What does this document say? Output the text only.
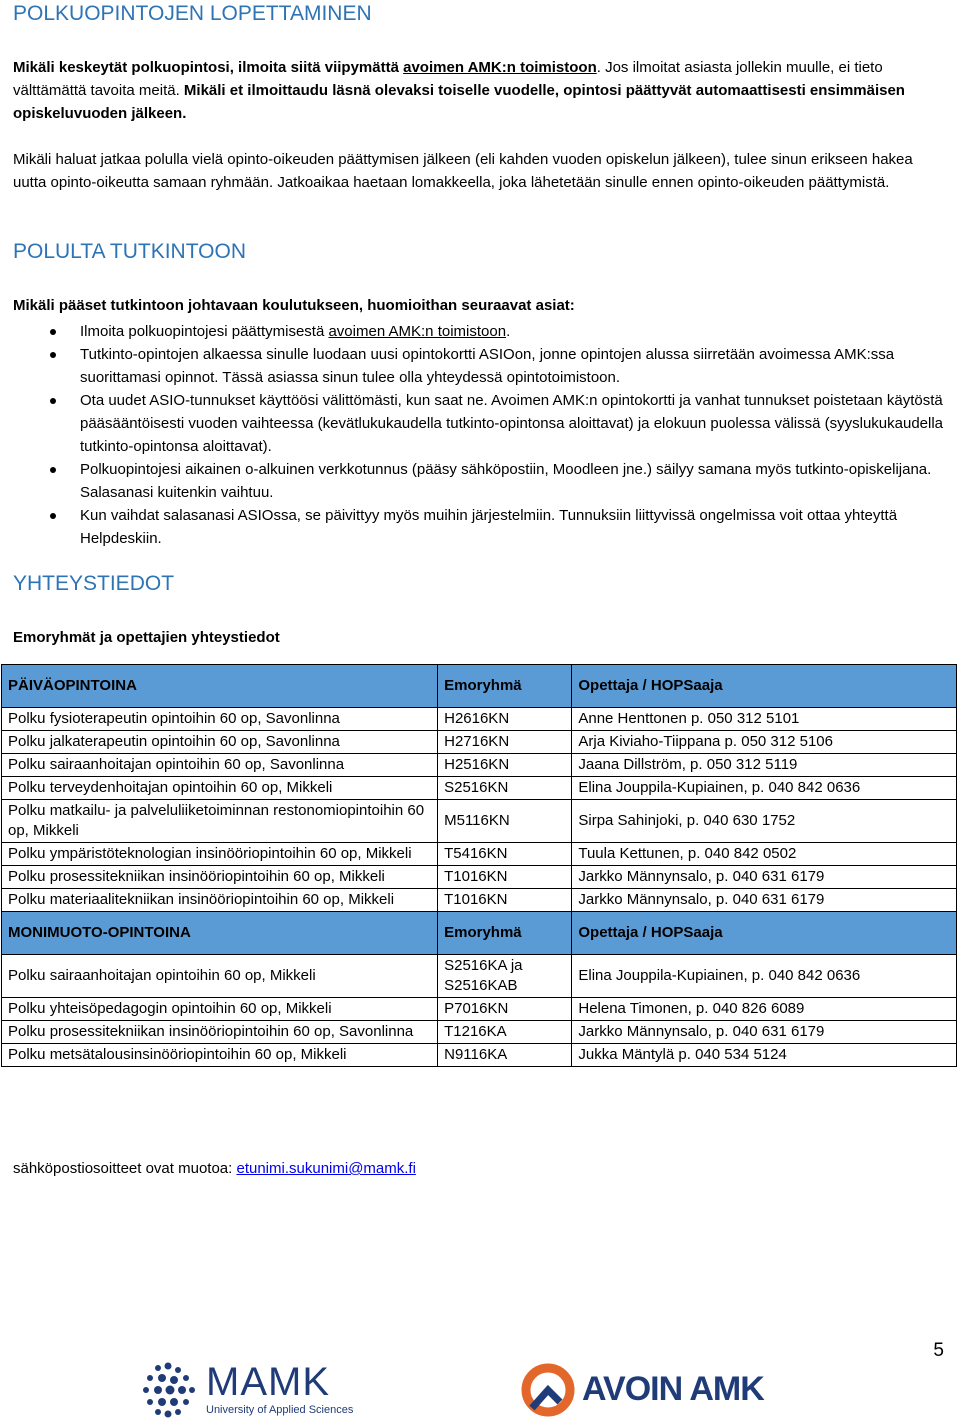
POLKUOPINTOJEN LOPETTAMINEN

Mikäli keskeytät polkuopintosi, ilmoita siitä viipymättä avoimen AMK:n toimistoon. Jos ilmoitat asiasta jollekin muulle, ei tieto välttämättä tavoita meitä. Mikäli et ilmoittaudu läsnä olevaksi toiselle vuodelle, opintosi päättyvät automaattisesti ensimmäisen opiskeluvuoden jälkeen.

Mikäli haluat jatkaa polulla vielä opinto-oikeuden päättymisen jälkeen (eli kahden vuoden opiskelun jälkeen), tulee sinun erikseen hakea uutta opinto-oikeutta samaan ryhmään. Jatkoaikaa haetaan lomakkeella, joka lähetetään sinulle ennen opinto-oikeuden päättymistä.

POLULTA TUTKINTOON

Mikäli pääset tutkintoon johtavaan koulutukseen, huomioithan seuraavat asiat:

Ilmoita polkuopintojesi päättymisestä avoimen AMK:n toimistoon.
Tutkinto-opintojen alkaessa sinulle luodaan uusi opintokortti ASIOon, jonne opintojen alussa siirretään avoimessa AMK:ssa suorittamasi opinnot. Tässä asiassa sinun tulee olla yhteydessä opintotoimistoon.
Ota uudet ASIO-tunnukset käyttöösi välittömästi, kun saat ne. Avoimen AMK:n opintokortti ja vanhat tunnukset poistetaan käytöstä pääsääntöisesti vuoden vaihteessa (kevätlukukaudella tutkinto-opintonsa aloittavat) ja elokuun puolessa välissä (syyslukukaudella tutkinto-opintonsa aloittavat).
Polkuopintojesi aikainen o-alkuinen verkkotunnus (pääsy sähköpostiin, Moodleen jne.) säilyy samana myös tutkinto-opiskelijana. Salasanasi kuitenkin vaihtuu.
Kun vaihdat salasanasi ASIOssa, se päivittyy myös muihin järjestelmiin. Tunnuksiin liittyvissä ongelmissa voit ottaa yhteyttä Helpdeskiin.
YHTEYSTIEDOT

Emoryhmät ja opettajien yhteystiedot

PÄIVÄOPINTOINA	Emoryhmä	Opettaja / HOPSaaja
Polku fysioterapeutin opintoihin 60 op, Savonlinna	H2616KN	Anne Henttonen p. 050 312 5101
Polku jalkaterapeutin opintoihin 60 op, Savonlinna	H2716KN	Arja Kiviaho-Tiippana p. 050 312 5106
Polku sairaanhoitajan opintoihin 60 op, Savonlinna	H2516KN	Jaana Dillström, p. 050 312 5119
Polku terveydenhoitajan opintoihin 60 op, Mikkeli	S2516KN	Elina Jouppila-Kupiainen, p. 040 842 0636
Polku matkailu- ja palveluliiketoiminnan restonomiopintoihin 60 op, Mikkeli	M5116KN	Sirpa Sahinjoki, p. 040 630 1752
Polku ympäristöteknologian insinööriopintoihin 60 op, Mikkeli	T5416KN	Tuula Kettunen, p. 040 842 0502
Polku prosessitekniikan insinööriopintoihin 60 op, Mikkeli	T1016KN	Jarkko Männynsalo, p. 040 631 6179
Polku materiaalitekniikan insinööriopintoihin 60 op, Mikkeli	T1016KN	Jarkko Männynsalo, p. 040 631 6179
MONIMUOTO-OPINTOINA	Emoryhmä	Opettaja / HOPSaaja
Polku sairaanhoitajan opintoihin 60 op, Mikkeli	S2516KA ja S2516KAB	Elina Jouppila-Kupiainen, p. 040 842 0636
Polku yhteisöpedagogin opintoihin 60 op, Mikkeli	P7016KN	Helena Timonen, p. 040 826 6089
Polku prosessitekniikan insinööriopintoihin 60 op, Savonlinna	T1216KA	Jarkko Männynsalo, p. 040 631 6179
Polku metsätalousinsinööriopintoihin 60 op, Mikkeli	N9116KA	Jukka Mäntylä p. 040 534 5124
sähköpostiosoitteet ovat muotoa: etunimi.sukunimi@mamk.fi
5
MAMK
University of Applied Sciences
AVOIN AMK
